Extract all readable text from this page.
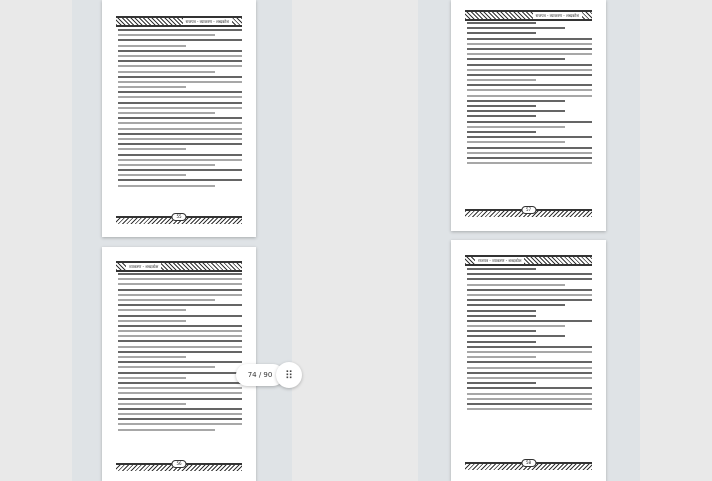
राजपत्र - व्याकरण - शब्दकोश
55
व्याकरण - शब्दकोश
56
राजपत्र - व्याकरण - शब्दकोश
57
राजपत्र - व्याकरण - शब्दकोश
58
74 / 90	⠿
